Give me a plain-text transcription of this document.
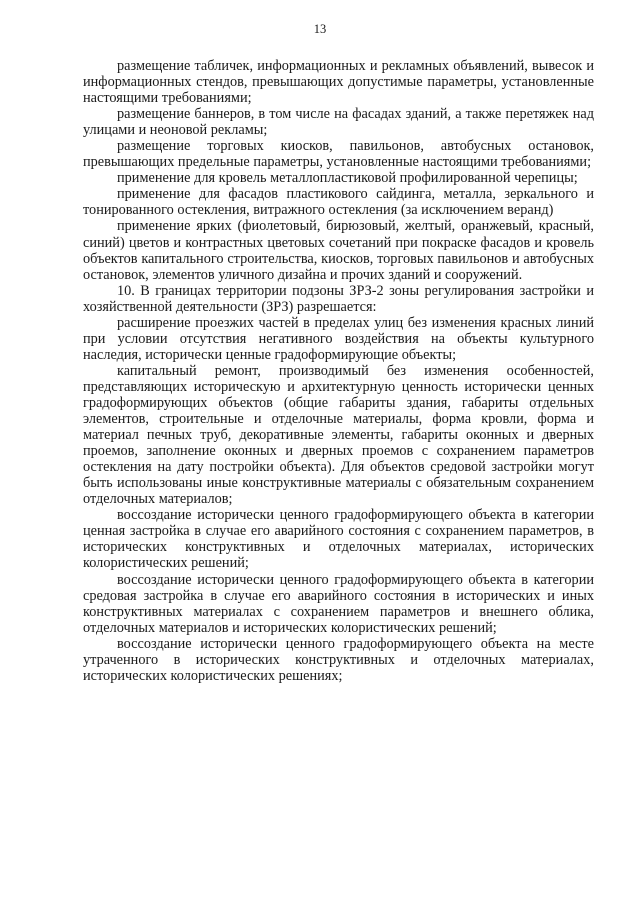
13

размещение табличек, информационных и рекламных объявлений, вывесок и информационных стендов, превышающих допустимые параметры, установленные настоящими требованиями;

размещение баннеров, в том числе на фасадах зданий, а также перетяжек над улицами и неоновой рекламы;

размещение торговых киосков, павильонов, автобусных остановок, превышающих предельные параметры, установленные настоящими требованиями;

применение для кровель металлопластиковой профилированной черепицы;

применение для фасадов пластикового сайдинга, металла, зеркального и тонированного остекления, витражного остекления (за исключением веранд)

применение ярких (фиолетовый, бирюзовый, желтый, оранжевый, красный, синий) цветов и контрастных цветовых сочетаний при покраске фасадов и кровель объектов капитального строительства, киосков, торговых павильонов и автобусных остановок, элементов уличного дизайна и прочих зданий и сооружений.

10. В границах территории подзоны ЗРЗ-2 зоны регулирования застройки и хозяйственной деятельности (ЗРЗ) разрешается:

расширение проезжих частей в пределах улиц без изменения красных линий при условии отсутствия негативного воздействия на объекты культурного наследия, исторически ценные градоформирующие объекты;

капитальный ремонт, производимый без изменения особенностей, представляющих историческую и архитектурную ценность исторически ценных градоформирующих объектов (общие габариты здания, габариты отдельных элементов, строительные и отделочные материалы, форма кровли, форма и материал печных труб, декоративные элементы, габариты оконных и дверных проемов, заполнение оконных и дверных проемов с сохранением параметров остекления на дату постройки объекта). Для объектов средовой застройки могут быть использованы иные конструктивные материалы с обязательным сохранением отделочных материалов;

воссоздание исторически ценного градоформирующего объекта в категории ценная застройка в случае его аварийного состояния с сохранением параметров, в исторических конструктивных и отделочных материалах, исторических колористических решений;

воссоздание исторически ценного градоформирующего объекта в категории средовая застройка в случае его аварийного состояния в исторических и иных конструктивных материалах с сохранением параметров и внешнего облика, отделочных материалов и исторических колористических решений;

воссоздание исторически ценного градоформирующего объекта на месте утраченного в исторических конструктивных и отделочных материалах, исторических колористических решениях;
